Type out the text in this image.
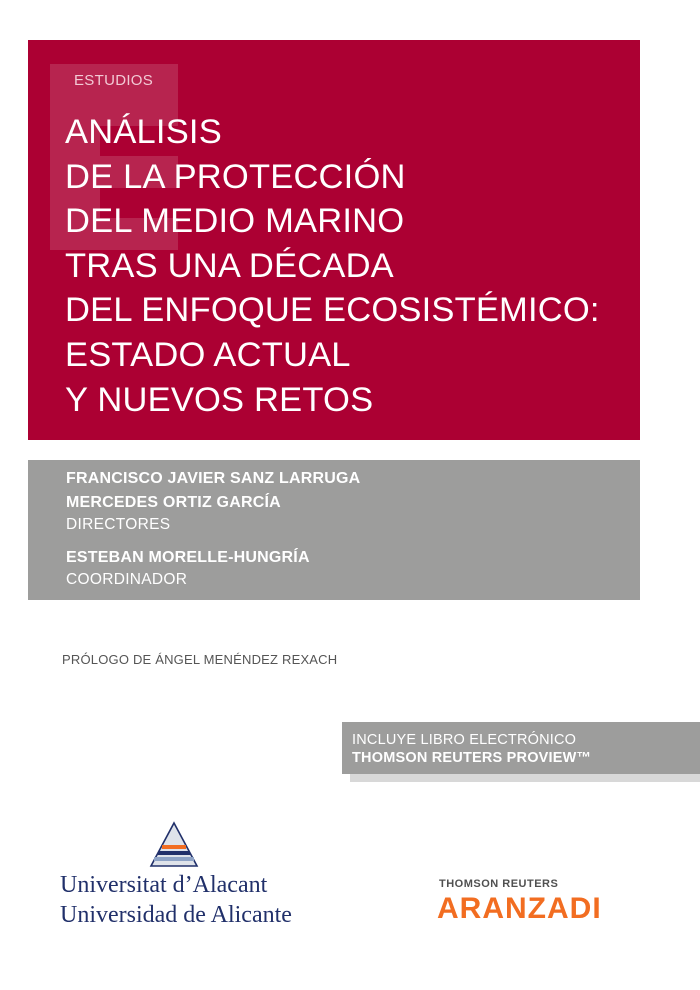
ESTUDIOS
ANÁLISIS
DE LA PROTECCIÓN
DEL MEDIO MARINO
TRAS UNA DÉCADA
DEL ENFOQUE ECOSISTÉMICO:
ESTADO ACTUAL
Y NUEVOS RETOS
FRANCISCO JAVIER SANZ LARRUGA
MERCEDES ORTIZ GARCÍA
DIRECTORES
ESTEBAN MORELLE-HUNGRÍA
COORDINADOR
PRÓLOGO DE ÁNGEL MENÉNDEZ REXACH
INCLUYE LIBRO ELECTRÓNICO
THOMSON REUTERS PROVIEW™
Universitat d’Alacant
Universidad de Alicante
THOMSON REUTERS
ARANZADI
